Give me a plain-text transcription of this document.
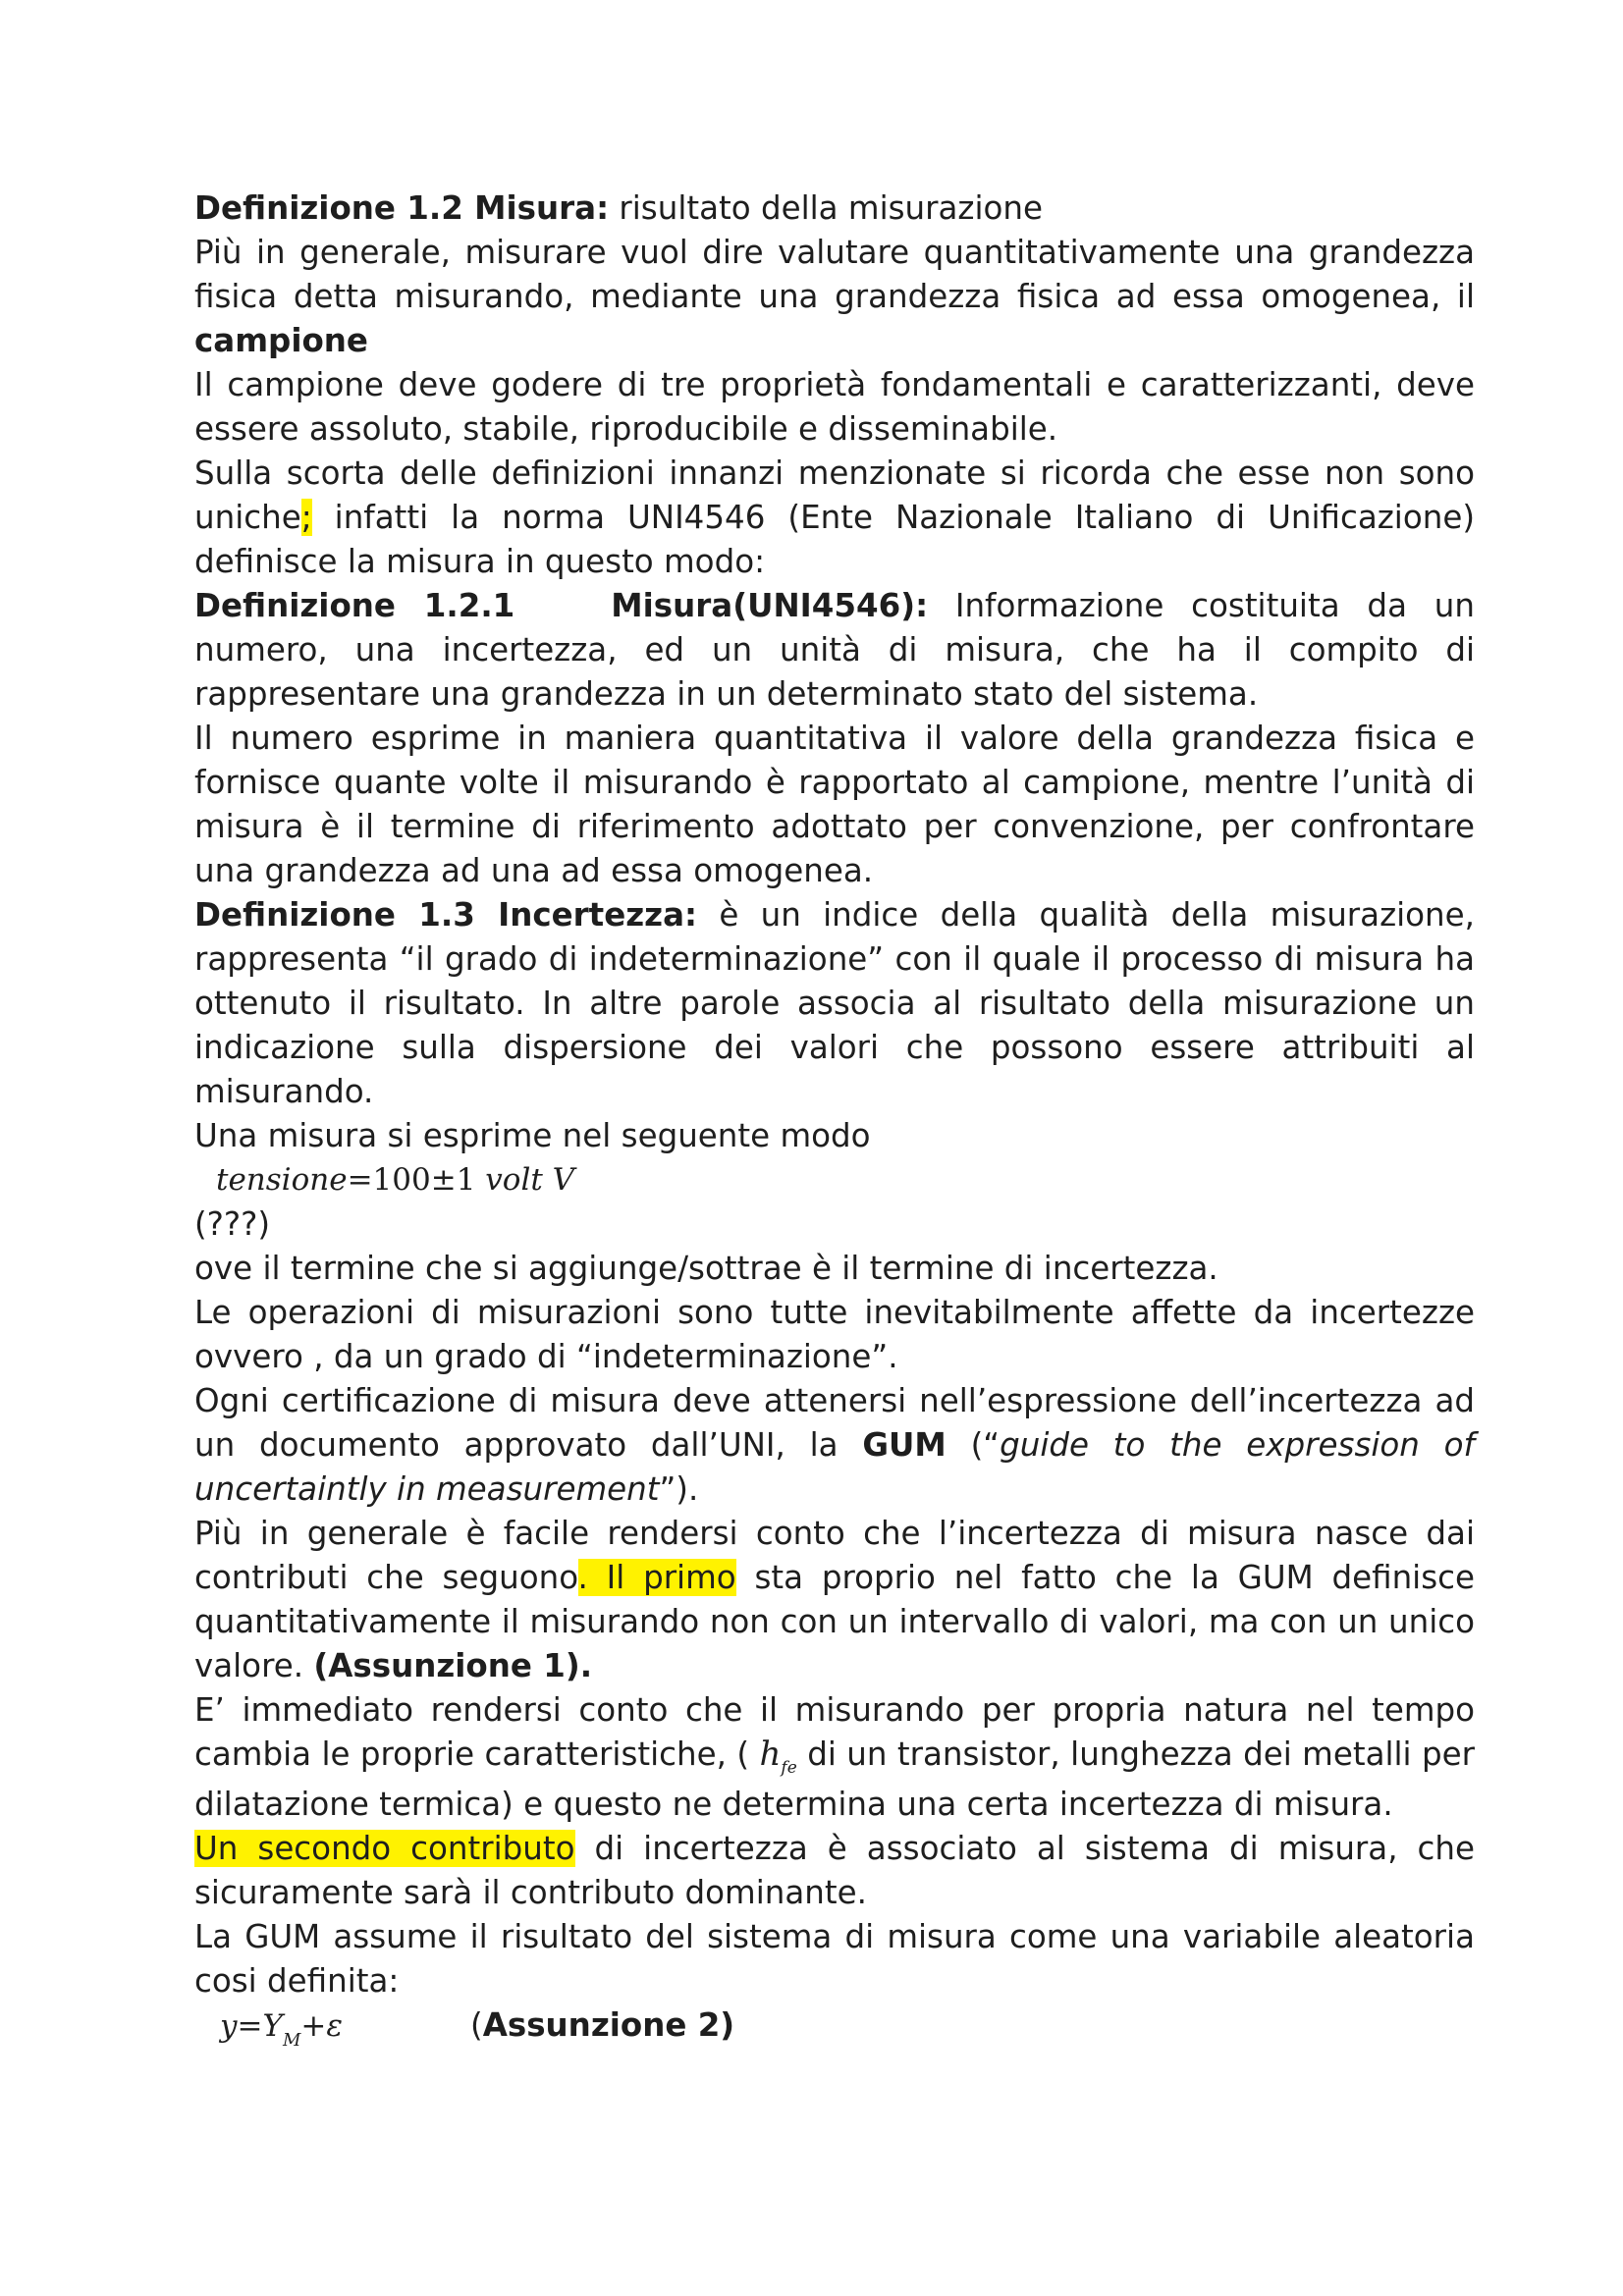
Definizione 1.2 Misura: risultato della misurazione

Più in generale, misurare vuol dire valutare quantitativamente una grandezza fisica detta misurando, mediante una grandezza fisica ad essa omogenea, il campione

Il campione deve godere di tre proprietà fondamentali e caratterizzanti, deve essere assoluto, stabile, riproducibile e disseminabile.

Sulla scorta delle definizioni innanzi menzionate si ricorda che esse non sono uniche; infatti la norma UNI4546 (Ente Nazionale Italiano di Unificazione) definisce la misura in questo modo:

Definizione 1.2.1	Misura(UNI4546): Informazione costituita da un numero, una incertezza, ed un unità di misura, che ha il compito di rappresentare una grandezza in un determinato stato del sistema.

Il numero esprime in maniera quantitativa il valore della grandezza fisica e fornisce quante volte il misurando è rapportato al campione, mentre l’unità di misura è il termine di riferimento adottato per convenzione, per confrontare una grandezza ad una ad essa omogenea.

Definizione 1.3 Incertezza: è un indice della qualità della misurazione, rappresenta “il grado di indeterminazione” con il quale il processo di misura ha ottenuto il risultato. In altre parole associa al risultato della misurazione un indicazione sulla dispersione dei valori che possono essere attribuiti al misurando.

Una misura si esprime nel seguente modo

tensione=100±1 volt V

(???)

ove il termine che si aggiunge/sottrae è il termine di incertezza.

Le operazioni di misurazioni sono tutte inevitabilmente affette da incertezze ovvero , da un grado di “indeterminazione”.

Ogni certificazione di misura deve attenersi nell’espressione dell’incertezza ad un documento approvato dall’UNI, la GUM (“guide to the expression of uncertaintly in measurement”).

Più in generale è facile rendersi conto che l’incertezza di misura nasce dai contributi che seguono. Il primo sta proprio nel fatto che la GUM definisce quantitativamente il misurando non con un intervallo di valori, ma con un unico valore. (Assunzione 1).

E’ immediato rendersi conto che il misurando per propria natura nel tempo cambia le proprie caratteristiche, ( $h_{fe}$ di un transistor, lunghezza dei metalli per dilatazione termica) e questo ne determina una certa incertezza di misura.

Un secondo contributo di incertezza è associato al sistema di misura, che sicuramente sarà il contributo dominante.

La GUM assume il risultato del sistema di misura come una variabile aleatoria cosi definita:

$y=Y_M+\varepsilon$	(Assunzione 2)
